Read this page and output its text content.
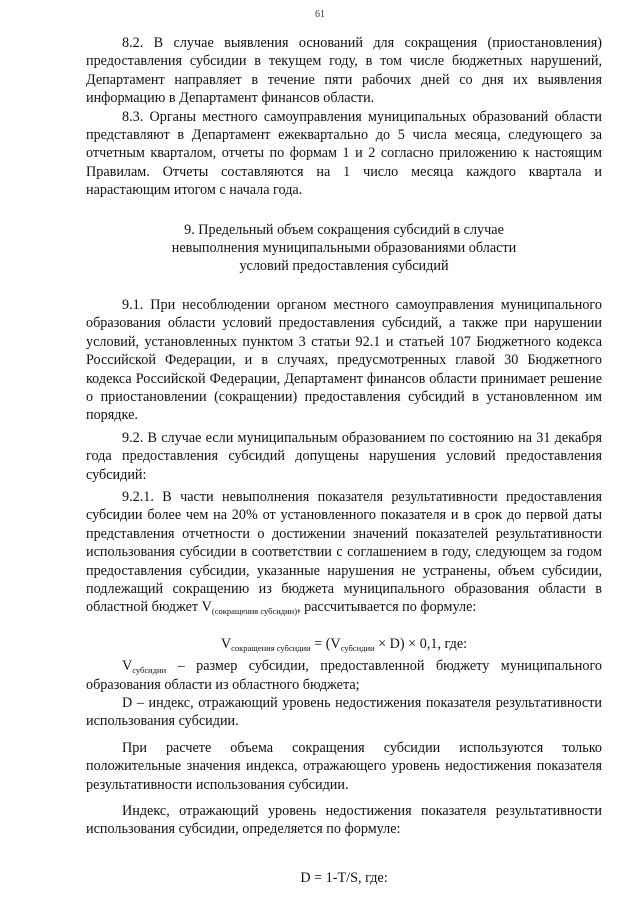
61

8.2. В случае выявления оснований для сокращения (приостановления) предоставления субсидии в текущем году, в том числе бюджетных нарушений, Департамент направляет в течение пяти рабочих дней со дня их выявления информацию в Департамент финансов области.

8.3. Органы местного самоуправления муниципальных образований области представляют в Департамент ежеквартально до 5 числа месяца, следующего за отчетным кварталом, отчеты по формам 1 и 2 согласно приложению к настоящим Правилам. Отчеты составляются на 1 число месяца каждого квартала и нарастающим итогом с начала года.

9. Предельный объем сокращения субсидий в случае
невыполнения муниципальными образованиями области
условий предоставления субсидий

9.1. При несоблюдении органом местного самоуправления муниципального образования области условий предоставления субсидий, а также при нарушении условий, установленных пунктом 3 статьи 92.1 и статьей 107 Бюджетного кодекса Российской Федерации, и в случаях, предусмотренных главой 30 Бюджетного кодекса Российской Федерации, Департамент финансов области принимает решение о приостановлении (сокращении) предоставления субсидий в установленном им порядке.

9.2. В случае если муниципальным образованием по состоянию на 31 декабря года предоставления субсидий допущены нарушения условий предоставления субсидий:

9.2.1. В части невыполнения показателя результативности предоставления субсидии более чем на 20% от установленного показателя и в срок до первой даты представления отчетности о достижении значений показателей результативности использования субсидии в соответствии с соглашением в году, следующем за годом предоставления субсидии, указанные нарушения не устранены, объем субсидии, подлежащий сокращению из бюджета муниципального образования области в областной бюджет $V_{(сокращения субсидии)}$, рассчитывается по формуле:

$V_{сокращения субсидии} = (V_{субсидии} \times D) \times 0,1$, где:

$V_{субсидии}$ – размер субсидии, предоставленной бюджету муниципального образования области из областного бюджета;

D – индекс, отражающий уровень недостижения показателя результативности использования субсидии.

При расчете объема сокращения субсидии используются только положительные значения индекса, отражающего уровень недостижения показателя результативности использования субсидии.

Индекс, отражающий уровень недостижения показателя результативности использования субсидии, определяется по формуле:

D = 1-T/S, где:
